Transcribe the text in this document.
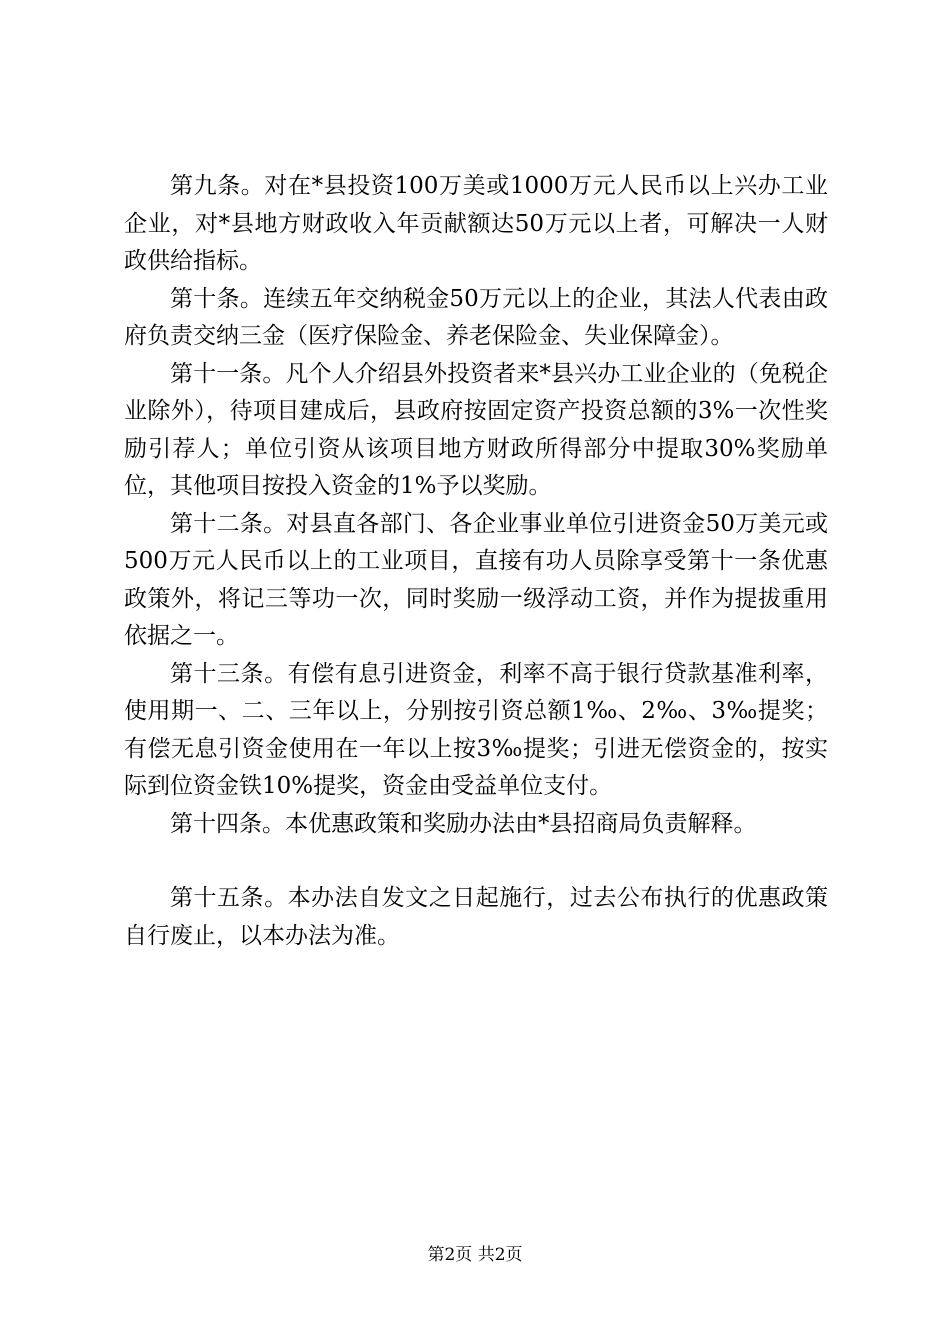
第九条。对在*县投资100万美或1000万元人民币以上兴办工业企业，对*县地方财政收入年贡献额达50万元以上者，可解决一人财政供给指标。

第十条。连续五年交纳税金50万元以上的企业，其法人代表由政府负责交纳三金（医疗保险金、养老保险金、失业保障金）。

第十一条。凡个人介绍县外投资者来*县兴办工业企业的（免税企业除外），待项目建成后，县政府按固定资产投资总额的3%一次性奖励引荐人；单位引资从该项目地方财政所得部分中提取30%奖励单位，其他项目按投入资金的1%予以奖励。

第十二条。对县直各部门、各企业事业单位引进资金50万美元或500万元人民币以上的工业项目，直接有功人员除享受第十一条优惠政策外，将记三等功一次，同时奖励一级浮动工资，并作为提拔重用依据之一。

第十三条。有偿有息引进资金，利率不高于银行贷款基准利率，使用期一、二、三年以上，分别按引资总额1‰、2‰、3‰提奖；有偿无息引资金使用在一年以上按3‰提奖；引进无偿资金的，按实际到位资金铁10%提奖，资金由受益单位支付。

第十四条。本优惠政策和奖励办法由*县招商局负责解释。

第十五条。本办法自发文之日起施行，过去公布执行的优惠政策自行废止，以本办法为准。

第2页 共2页
